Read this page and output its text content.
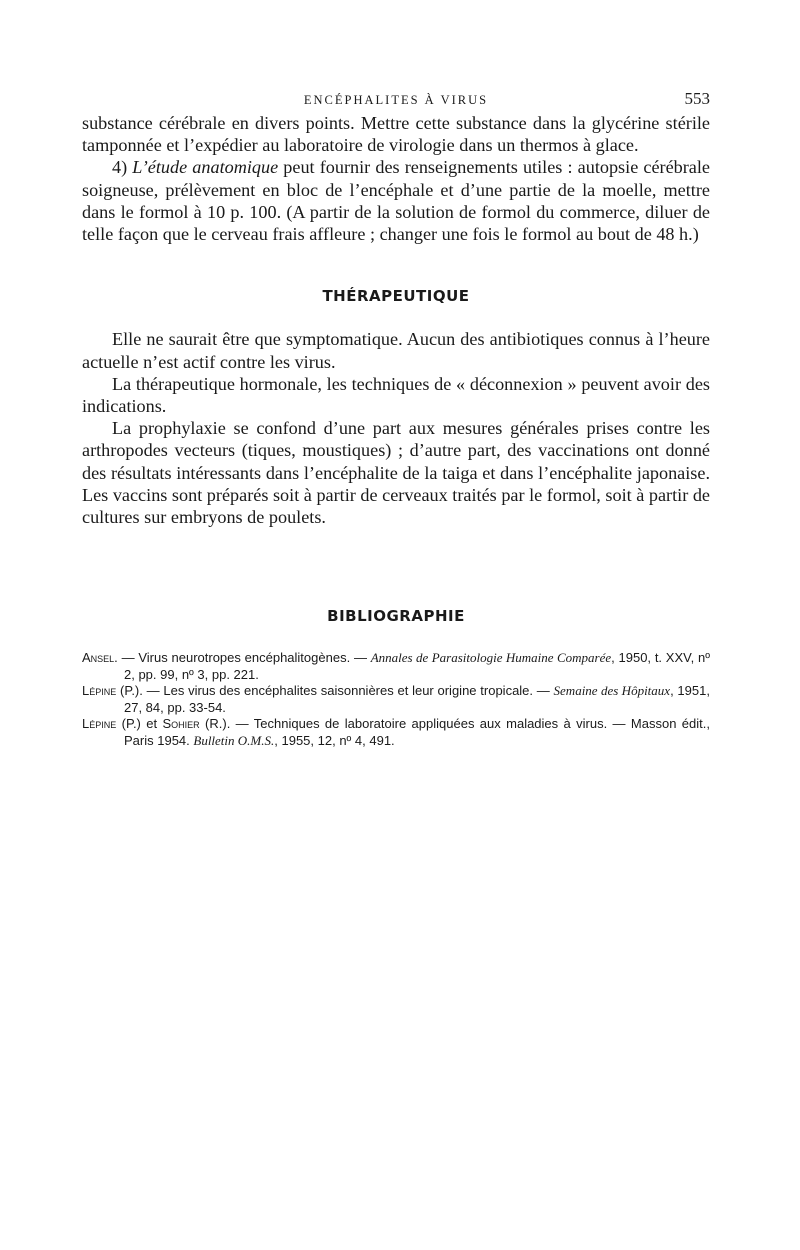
ENCÉPHALITES À VIRUS	553

substance cérébrale en divers points. Mettre cette substance dans la glycérine stérile tamponnée et l’expédier au laboratoire de virologie dans un thermos à glace.

4) L’étude anatomique peut fournir des renseignements utiles : autopsie cérébrale soigneuse, prélèvement en bloc de l’encéphale et d’une partie de la moelle, mettre dans le formol à 10 p. 100. (A partir de la solution de formol du commerce, diluer de telle façon que le cerveau frais affleure ; changer une fois le formol au bout de 48 h.)

THÉRAPEUTIQUE

Elle ne saurait être que symptomatique. Aucun des antibiotiques connus à l’heure actuelle n’est actif contre les virus.

La thérapeutique hormonale, les techniques de « déconnexion » peuvent avoir des indications.

La prophylaxie se confond d’une part aux mesures générales prises contre les arthropodes vecteurs (tiques, moustiques) ; d’autre part, des vaccinations ont donné des résultats intéressants dans l’encéphalite de la taiga et dans l’encéphalite japonaise. Les vaccins sont préparés soit à partir de cerveaux traités par le formol, soit à partir de cultures sur embryons de poulets.

BIBLIOGRAPHIE

Ansel. — Virus neurotropes encéphalitogènes. — Annales de Parasitologie Humaine Comparée, 1950, t. XXV, nº 2, pp. 99, nº 3, pp. 221.

Lépine (P.). — Les virus des encéphalites saisonnières et leur origine tropicale. — Semaine des Hôpitaux, 1951, 27, 84, pp. 33-54.

Lépine (P.) et Sohier (R.). — Techniques de laboratoire appliquées aux maladies à virus. — Masson édit., Paris 1954. Bulletin O.M.S., 1955, 12, nº 4, 491.
